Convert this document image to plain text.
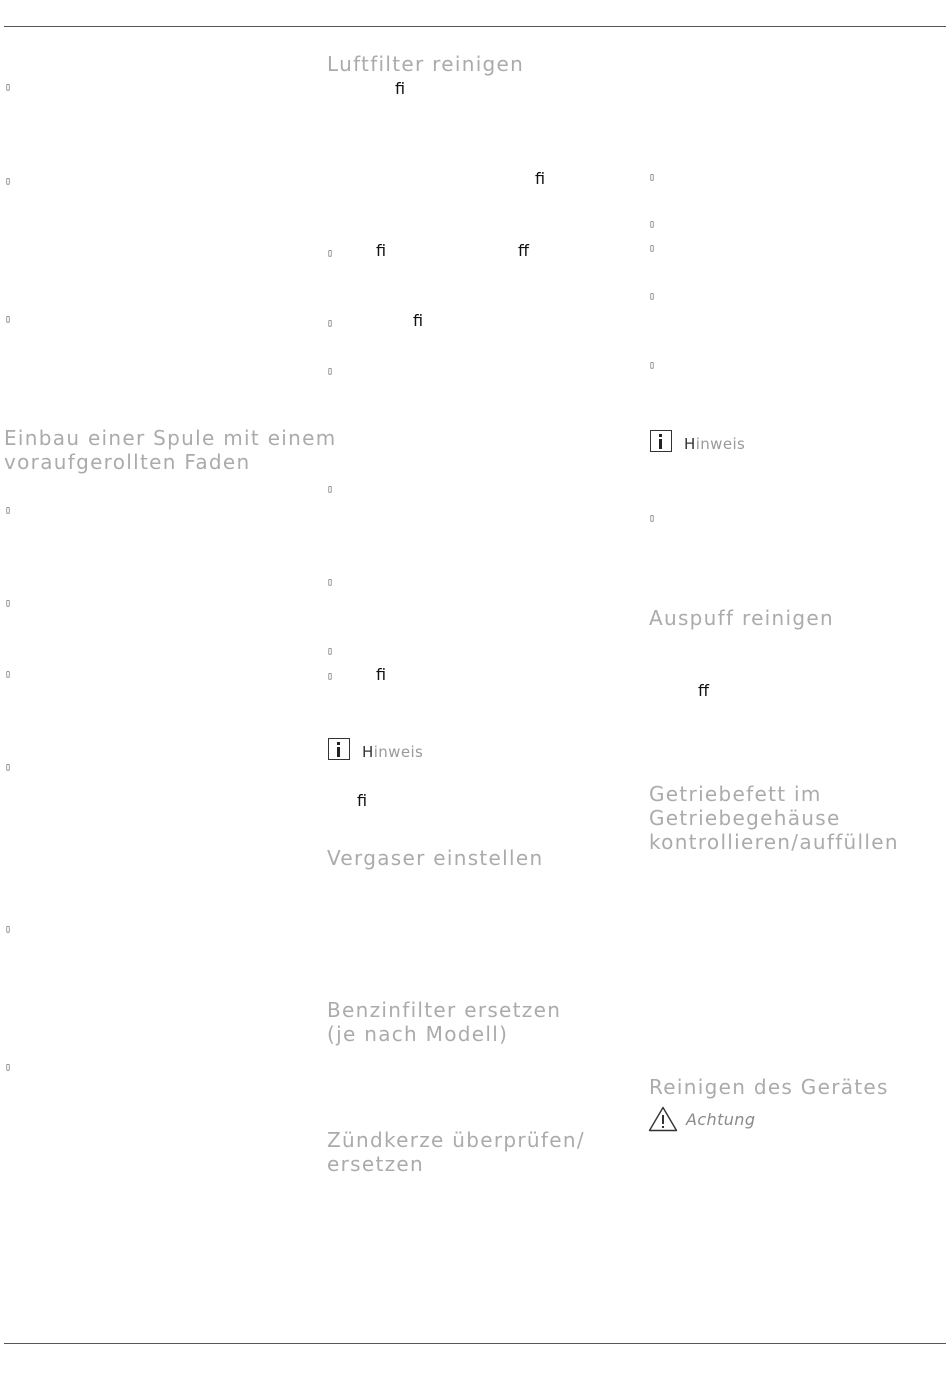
▯
▯
▯
Einbau einer Spule mit einem
voraufgerollten Faden
▯
▯
▯
▯
▯
▯
Luftfilter reinigen
ﬁ
ﬁ
▯	ﬁ	ﬀ
▯	ﬁ
▯
▯
▯
▯
▯	ﬁ
Hinweis
ﬁ
Vergaser einstellen
Benzinfilter ersetzen
(je nach Modell)
Zündkerze überprüfen/
ersetzen
▯
▯
▯
▯
▯
Hinweis
▯
Auspuff reinigen
ﬀ
Getriebefett im
Getriebegehäuse
kontrollieren/auffüllen
Reinigen des Gerätes
Achtung
